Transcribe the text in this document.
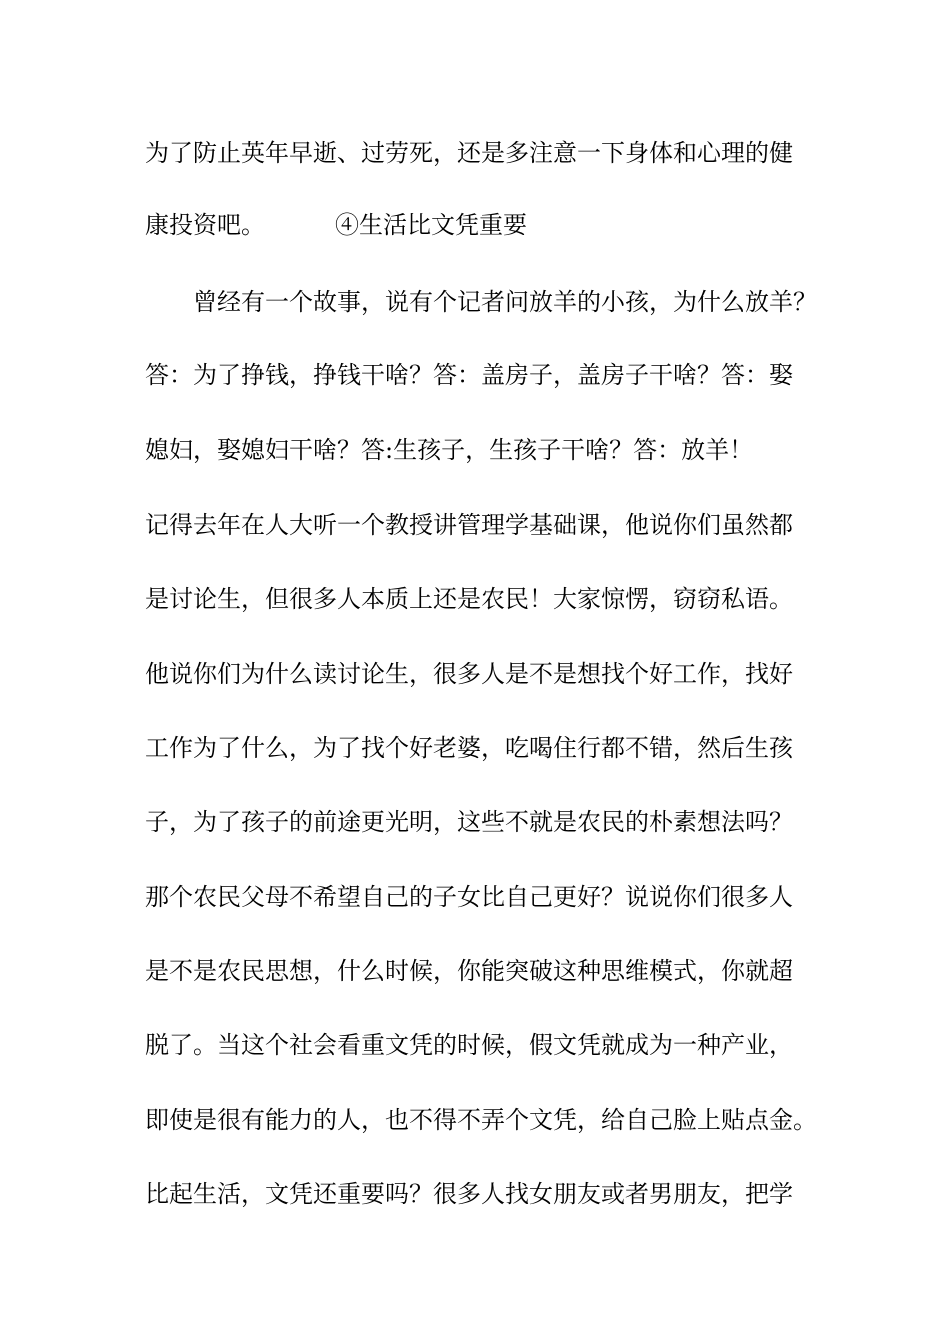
为了防止英年早逝、过劳死，还是多注意一下身体和心理的健
康投资吧。	④生活比文凭重要
曾经有一个故事，说有个记者问放羊的小孩，为什么放羊？
答：为了挣钱，挣钱干啥？答：盖房子，盖房子干啥？答：娶
媳妇，娶媳妇干啥？答:生孩子，生孩子干啥？答：放羊！
记得去年在人大听一个教授讲管理学基础课，他说你们虽然都
是讨论生，但很多人本质上还是农民！大家惊愣，窃窃私语。
他说你们为什么读讨论生，很多人是不是想找个好工作，找好
工作为了什么，为了找个好老婆，吃喝住行都不错，然后生孩
子，为了孩子的前途更光明，这些不就是农民的朴素想法吗？
那个农民父母不希望自己的子女比自己更好？说说你们很多人
是不是农民思想，什么时候，你能突破这种思维模式，你就超
脱了。当这个社会看重文凭的时候，假文凭就成为一种产业，
即使是很有能力的人，也不得不弄个文凭，给自己脸上贴点金。
比起生活，文凭还重要吗？很多人找女朋友或者男朋友，把学
